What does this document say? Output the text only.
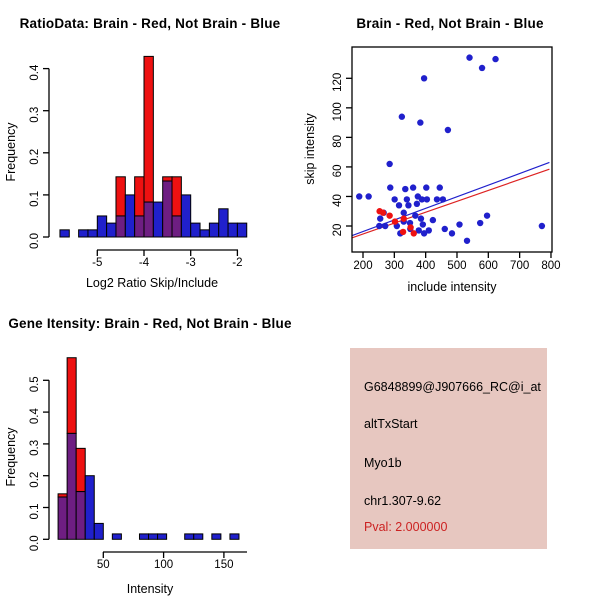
0.0
0.1
0.2
0.3
0.4
-5	-4	-3	-2
Log2 Ratio Skip/Include
Frequency
RatioData: Brain - Red, Not Brain - Blue
200 300 400 500 600 700 800
20
40
60
80
100
120
include intensity
skip intensity
Brain - Red, Not Brain - Blue
0.0
0.1
0.2
0.3
0.4
0.5
50	100	150
Intensity
Frequency
Gene Itensity: Brain - Red, Not Brain - Blue
G6848899@J907666_RC@i_at
altTxStart
Myo1b
chr1.307-9.62
Pval: 2.000000
